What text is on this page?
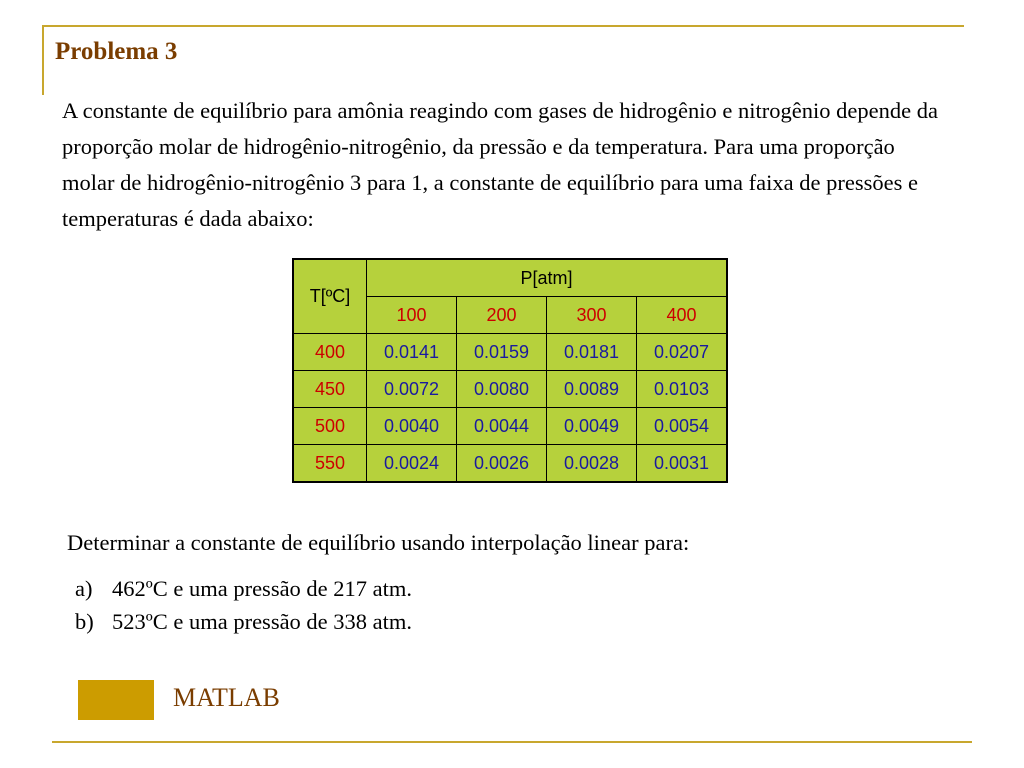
Problema 3

A constante de equilíbrio para amônia reagindo com gases de hidrogênio e nitrogênio depende da proporção molar de hidrogênio-nitrogênio, da pressão e da temperatura. Para uma proporção molar de hidrogênio-nitrogênio 3 para 1, a constante de equilíbrio para uma faixa de pressões e temperaturas é dada abaixo:

T[ºC]	P[atm]			
	100	200	300	400
400	0.0141	0.0159	0.0181	0.0207
450	0.0072	0.0080	0.0089	0.0103
500	0.0040	0.0044	0.0049	0.0054
550	0.0024	0.0026	0.0028	0.0031

Determinar a constante de equilíbrio usando interpolação linear para:

a) 462ºC e uma pressão de 217 atm.
b) 523ºC e uma pressão de 338 atm.
MATLAB
